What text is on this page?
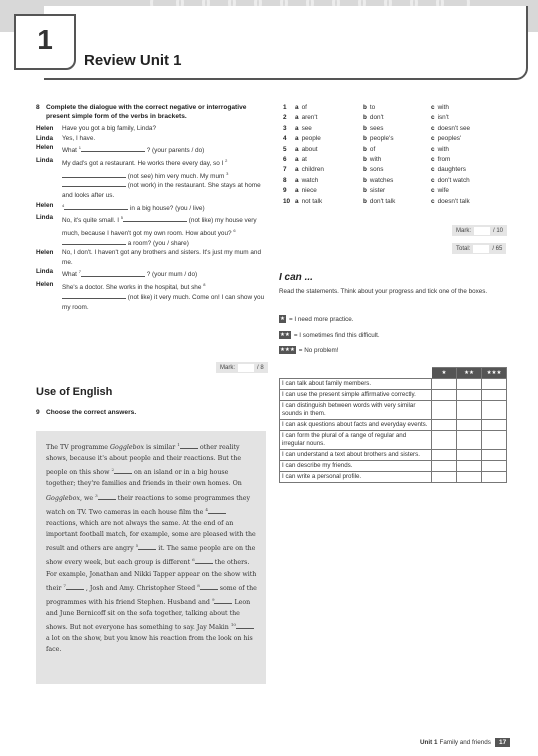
1
Review Unit 1
8 Complete the dialogue with the correct negative or interrogative present simple form of the verbs in brackets.
Helen	Have you got a big family, Linda?
Linda	Yes, I have.
Helen	What $^1$	? (your parents / do)
Linda	My dad's got a restaurant. He works there every day, so I $^2$ (not see) him very much. My mum $^3$ (not work) in the restaurant. She stays at home and looks after us.
Helen	$^4$	in a big house? (you / live)
Linda	No, it's quite small. I $^5$	(not like) my house very much, because I haven't got my own room. How about you? $^6$ a room? (you / share)
Helen	No, I don't. I haven't got any brothers and sisters. It's just my mum and me.
Linda	What $^7$	? (your mum / do)
Helen	She's a doctor. She works in the hospital, but she $^8$ (not like) it very much. Come on! I can show you my room.
Mark:	/ 8
Use of English
9 Choose the correct answers.
The TV programme Gogglebox is similar $^1$	other reality shows, because it's about people and their reactions. But the people on this show $^2$	on an island or in a big house together; they're families and friends in their own homes. On Gogglebox, we $^3$	their reactions to some programmes they watch on TV. Two cameras in each house film the $^4$ reactions, which are not always the same. At the end of an important football match, for example, some are pleased with the result and others are angry $^5$	it. The same people are on the show every week, but each group is different $^6$	the others. For example, Jonathan and Nikki Tapper appear on the show with their $^7$	, Josh and Amy. Christopher Steed $^8$	some of the programmes with his friend Stephen. Husband and $^9$	Leon and June Bernicoff sit on the sofa together, talking about the shows. But not everyone has something to say. Jay Makin $^{10}$ a lot on the show, but you know his reaction from the look on his face.
1	a of	b to	c with
2	a aren't	b don't	c isn't
3	a see	b sees	c doesn't see
4	a people	b people's	c peoples'
5	a about	b of	c with
6	a at	b with	c from
7	a children	b sons	c daughters
8	a watch	b watches	c don't watch
9	a niece	b sister	c wife
10 a not talk	b don't talk	c doesn't talk
Mark:	/ 10
Total:	/ 65
I can ...
Read the statements. Think about your progress and tick one of the boxes.
★ = I need more practice.
★★ = I sometimes find this difficult.
★★★ = No problem!
	★	★★	★★★
I can talk about family members.			
I can use the present simple affirmative correctly.			
I can distinguish between words with very similar sounds in them.			
I can ask questions about facts and everyday events.			
I can form the plural of a range of regular and irregular nouns.			
I can understand a text about brothers and sisters.			
I can describe my friends.			
I can write a personal profile.			
Unit 1 Family and friends	17
